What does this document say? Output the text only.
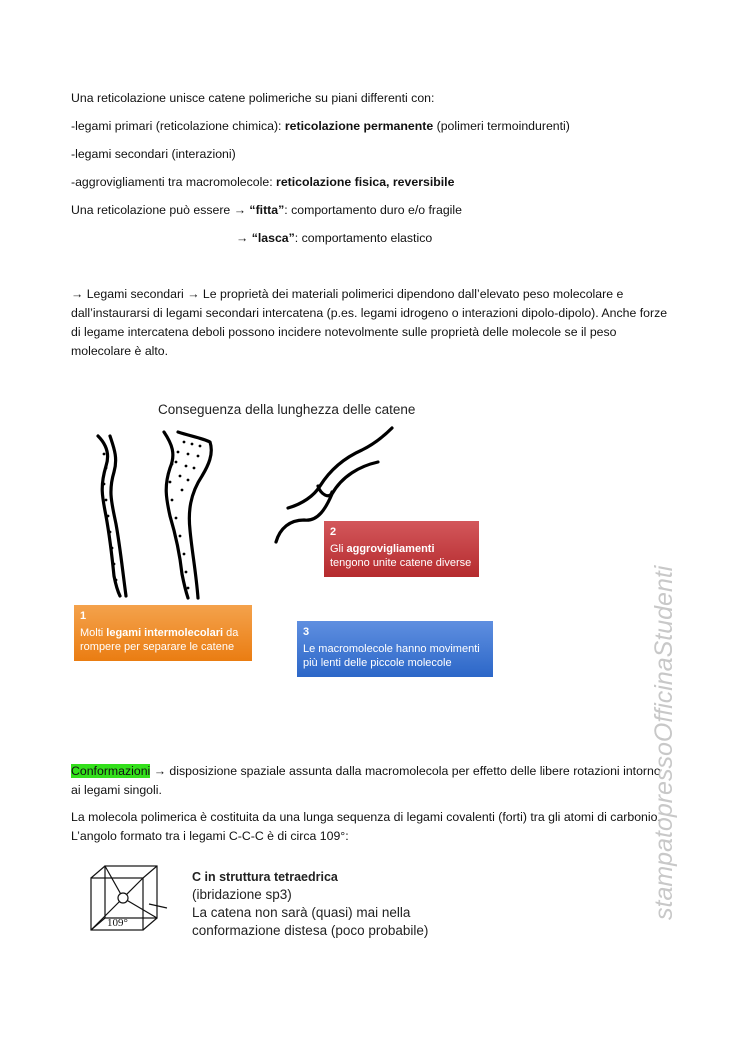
Una reticolazione unisce catene polimeriche su piani differenti con:

-legami primari (reticolazione chimica): reticolazione permanente (polimeri termoindurenti)

-legami secondari (interazioni)

-aggrovigliamenti tra macromolecole: reticolazione fisica, reversibile

Una reticolazione può essere → “fitta”: comportamento duro e/o fragile

→ “lasca”: comportamento elastico

→ Legami secondari → Le proprietà dei materiali polimerici dipendono dall’elevato peso molecolare e dall’instaurarsi di legami secondari intercatena (p.es. legami idrogeno o interazioni dipolo-dipolo). Anche forze di legame intercatena deboli possono incidere notevolmente sulle proprietà delle molecole se il peso molecolare è alto.

Conseguenza della lunghezza delle catene
1
Molti legami intermolecolari da rompere per separare le catene
2
Gli aggrovigliamenti tengono unite catene diverse
3
Le macromolecole hanno movimenti più lenti delle piccole molecole

Conformazioni → disposizione spaziale assunta dalla macromolecola per effetto delle libere rotazioni intorno ai legami singoli.

La molecola polimerica è costituita da una lunga sequenza di legami covalenti (forti) tra gli atomi di carbonio. L’angolo formato tra i legami C-C-C è di circa 109°:

109°
C in struttura tetraedrica
(ibridazione sp3)
La catena non sarà (quasi) mai nella
conformazione distesa (poco probabile)
stampatopressoOfficinaStudenti
